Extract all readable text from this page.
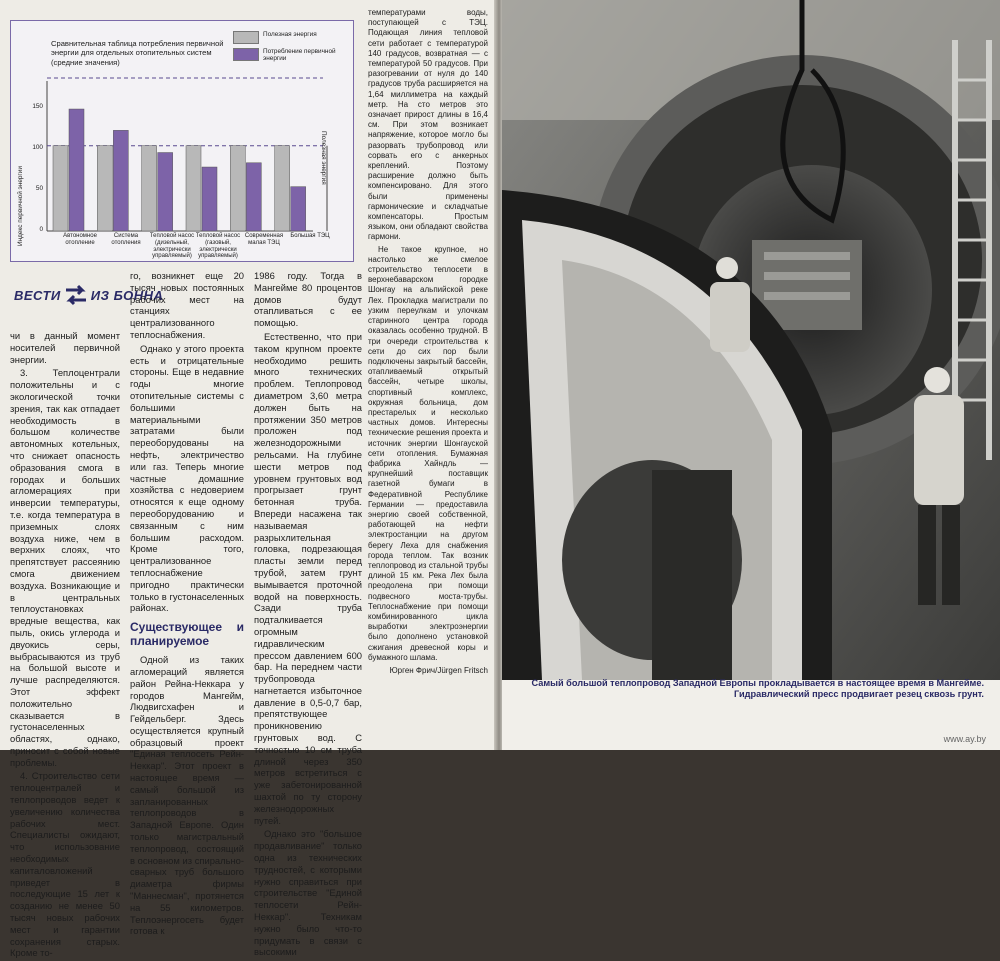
Сравнительная таблица потребления первичной энергии для отдельных отопительных систем (средние значения)
Полезная энергия
Потребление первичной энергии
Индекс первичной энергии
Полезная энергия
0
50
100
150
Автономное отопление
Система отопления
Тепловой насос (дизельный, электрически управляемый)
Тепловой насос (газовый, электрически управляемый)
Современная малая ТЭЦ
Большая ТЭЦ
ВЕСТИ ИЗ БОННА

чи в данный момент носителей первичной энергии.

3. Теплоцентрали положительны и с экологической точки зрения, так как отпадает необходимость в большом количестве автономных котельных, что снижает опасность образования смога в городах и больших агломерациях при инверсии температуры, т.е. когда температура в приземных слоях воздуха ниже, чем в верхних слоях, что препятствует рассеянию смога движением воздуха. Возникающие и в центральных теплоустановках вредные вещества, как пыль, окись углерода и двуокись серы, выбрасываются из труб на большой высоте и лучше распределяются. Этот эффект положительно сказывается в густонаселенных областях, однако, приносит с собой новые проблемы.

4. Строительство сети теплоцентралей и теплопроводов ведет к увеличению количества рабочих мест. Специалисты ожидают, что использование необходимых капиталовложений приведет в последующие 15 лет к созданию не менее 50 тысяч новых рабочих мест и гарантии сохранения старых. Кроме то-

го, возникнет еще 20 тысяч новых постоянных рабочих мест на станциях централизованного теплоснабжения.

Однако у этого проекта есть и отрицательные стороны. Еще в недавние годы многие отопительные системы с большими материальными затратами были переоборудованы на нефть, электричество или газ. Теперь многие частные домашние хозяйства с недоверием относятся к еще одному переоборудованию и связанным с ним большим расходом. Кроме того, централизованное теплоснабжение пригодно практически только в густонаселенных районах.

Существующее и планируемое

Одной из таких агломераций является район Рейна-Неккара у городов Мангейм, Людвигсхафен и Гейдельберг. Здесь осуществляется крупный образцовый проект "Единая теплосеть Рейн-Неккар". Этот проект в настоящее время — самый большой из запланированных теплопроводов в Западной Европе. Один только магистральный теплопровод, состоящий в основном из спирально-сварных труб большого диаметра фирмы "Маннесман", протянется на 55 километров. Теплоэнергосеть будет готова к

1986 году. Тогда в Мангейме 80 процентов домов будут отапливаться с ее помощью.

Естественно, что при таком крупном проекте необходимо решить много технических проблем. Теплопровод диаметром 3,60 метра должен быть на протяжении 350 метров проложен под железнодорожными рельсами. На глубине шести метров под уровнем грунтовых вод прогрызает грунт бетонная труба. Впереди насажена так называемая разрыхлительная головка, подрезающая пласты земли перед трубой, затем грунт вымывается проточной водой на поверхность. Сзади труба подталкивается огромным гидравлическим прессом давлением 600 бар. На переднем части трубопровода нагнетается избыточное давление в 0,5-0,7 бар, препятствующее проникновению грунтовых вод. С точностью 10 см труба длиной через 350 метров встретиться с уже забетонированной шахтой по ту сторону железнодорожных путей.

Однако это "большое продавливание" только одна из технических трудностей, с которыми нужно справиться при строительстве "Единой теплосети Рейн-Неккар". Техникам нужно было что-то придумать в связи с высокими

Самый большой теплопровод Западной Европы прокладывается в настоящее время в Мангейме. Гидравлический пресс продвигает резец сквозь грунт.
www.ay.by

температурами воды, поступающей с ТЭЦ. Подающая линия тепловой сети работает с температурой 140 градусов, возвратная — с температурой 50 градусов. При разогревании от нуля до 140 градусов труба расширяется на 1,64 миллиметра на каждый метр. На сто метров это означает прирост длины в 16,4 см. При этом возникает напряжение, которое могло бы разорвать трубопровод или сорвать его с анкерных креплений. Поэтому расширение должно быть компенсировано. Для этого были применены гармонические и складчатые компенсаторы. Простым языком, они обладают свойства гармони.

Не такое крупное, но настолько же смелое строительство теплосети в верхнебаварском городке Шонгау на альпийской реке Лех. Прокладка магистрали по узким переулкам и улочкам старинного центра города оказалась особенно трудной. В три очереди строительства к сети до сих пор были подключены закрытый бассейн, отапливаемый открытый бассейн, четыре школы, спортивный комплекс, окружная больница, дом престарелых и несколько частных домов. Интересны технические решения проекта и источник энергии Шонгауской сети отопления. Бумажная фабрика Хайндль — крупнейший поставщик газетной бумаги в Федеративной Республике Германии — предоставила энергию своей собственной, работающей на нефти электростанции на другом берегу Леха для снабжения города теплом. Так возник теплопровод из стальной трубы длиной 15 км. Река Лех была преодолена при помощи подвесного моста-трубы. Теплоснабжение при помощи комбинированного цикла выработки электроэнергии было дополнено установкой сжигания древесной коры и бумажного шлама.

Юрген Фрич/Jürgen Fritsch
